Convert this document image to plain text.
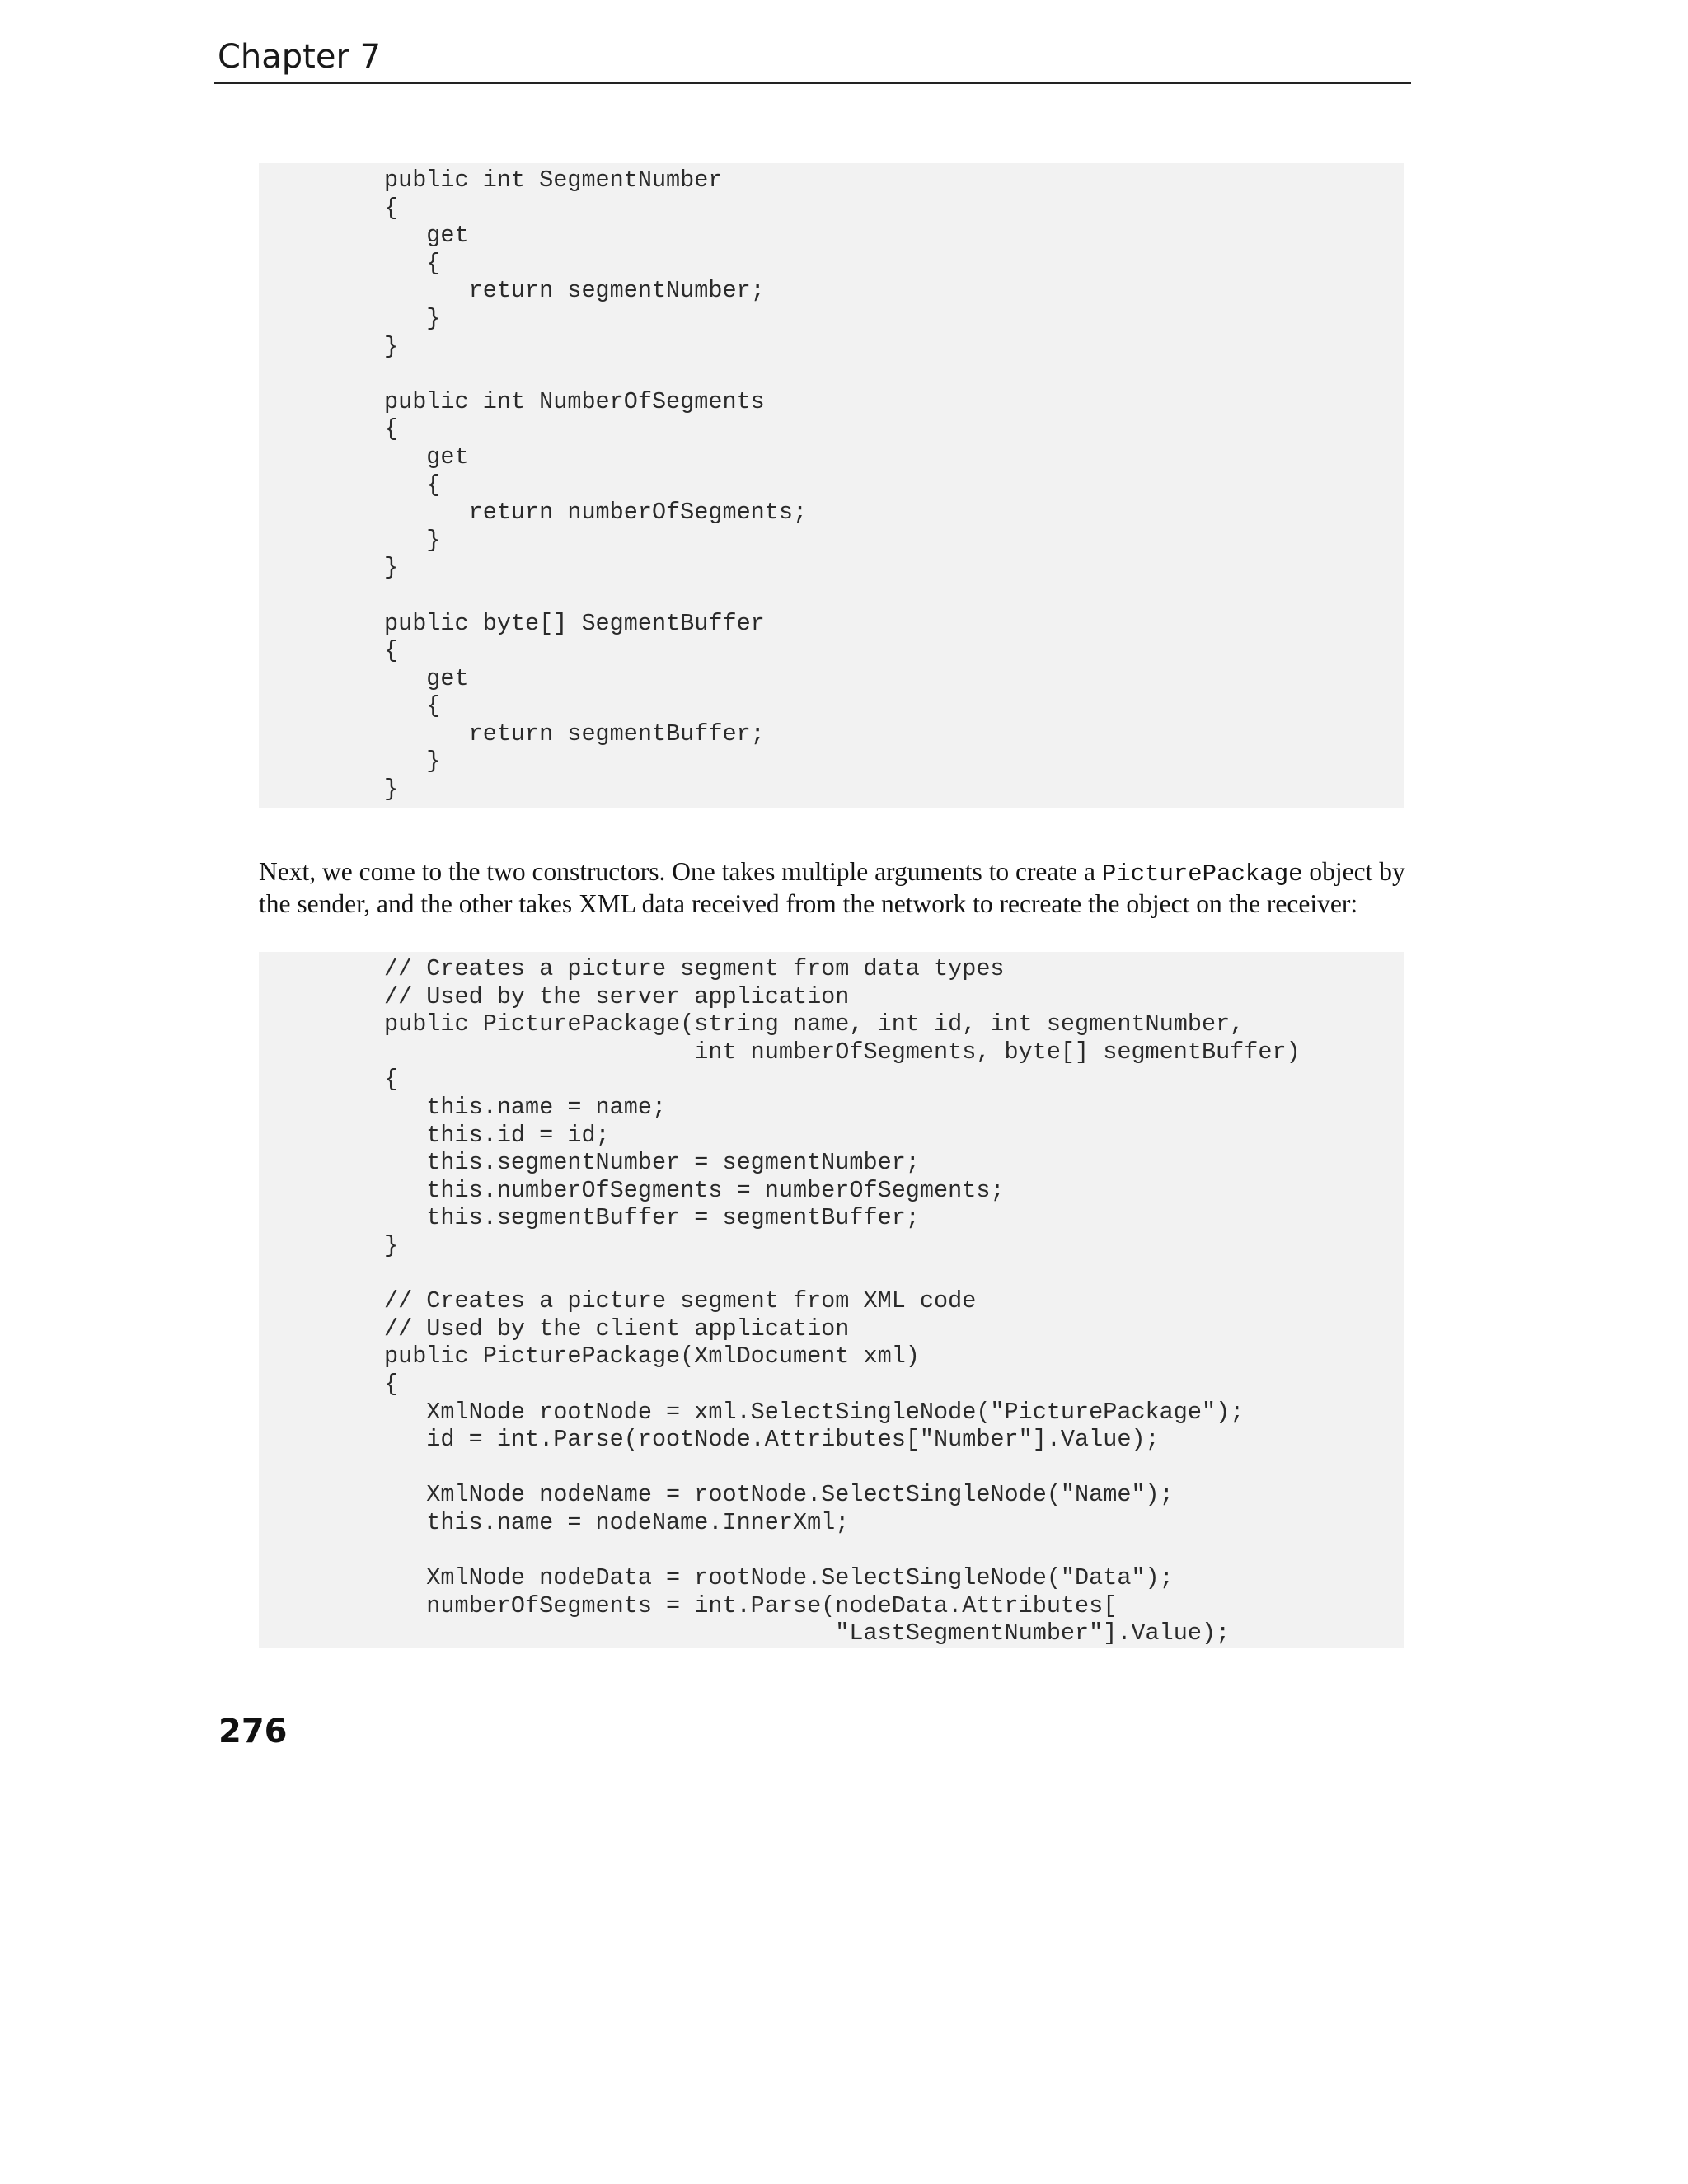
Chapter 7
public int SegmentNumber
{
get
{
return segmentNumber;
}
}
public int NumberOfSegments
{
get
{
return numberOfSegments;
}
}
public byte[] SegmentBuffer
{
get
{
return segmentBuffer;
}
}

Next, we come to the two constructors. One takes multiple arguments to create a PicturePackage object by the sender, and the other takes XML data received from the network to recreate the object on the receiver:

// Creates a picture segment from data types
// Used by the server application
public PicturePackage(string name, int id, int segmentNumber,
int numberOfSegments, byte[] segmentBuffer)
{
this.name = name;
this.id = id;
this.segmentNumber = segmentNumber;
this.numberOfSegments = numberOfSegments;
this.segmentBuffer = segmentBuffer;
}
// Creates a picture segment from XML code
// Used by the client application
public PicturePackage(XmlDocument xml)
{
XmlNode rootNode = xml.SelectSingleNode("PicturePackage");
id = int.Parse(rootNode.Attributes["Number"].Value);
XmlNode nodeName = rootNode.SelectSingleNode("Name");
this.name = nodeName.InnerXml;
XmlNode nodeData = rootNode.SelectSingleNode("Data");
numberOfSegments = int.Parse(nodeData.Attributes[
"LastSegmentNumber"].Value);
276
